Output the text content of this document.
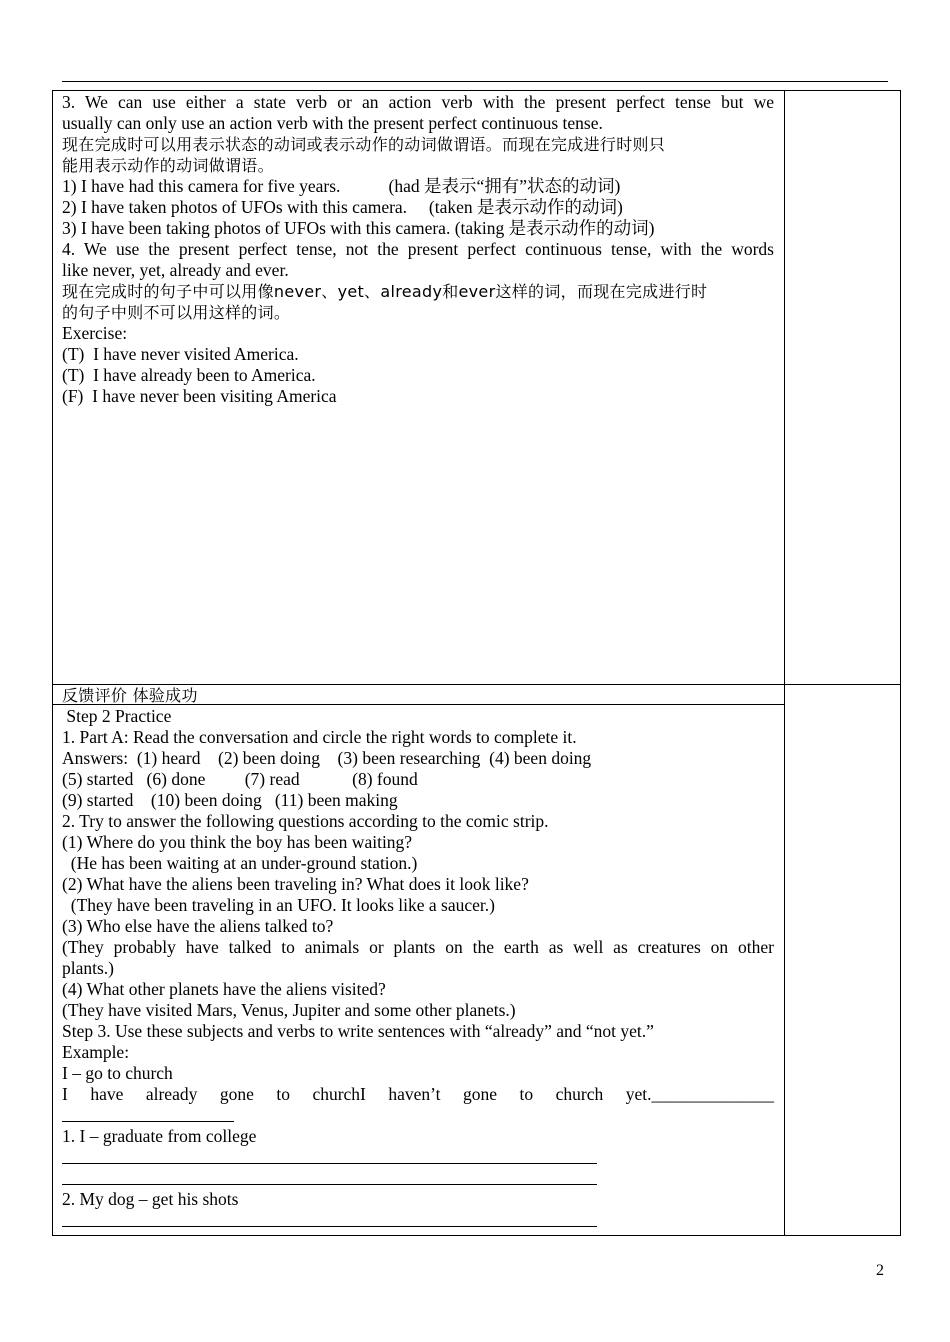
3. We can use either a state verb or an action verb with the present perfect tense but we
usually can only use an action verb with the present perfect continuous tense.
现在完成时可以用表示状态的动词或表示动作的动词做谓语。而现在完成进行时则只
能用表示动作的动词做谓语。
1) I have had this camera for five years.           (had 是表示“拥有”状态的动词)
2) I have taken photos of UFOs with this camera.     (taken 是表示动作的动词)
3) I have been taking photos of UFOs with this camera. (taking 是表示动作的动词)
4. We use the present perfect tense, not the present perfect continuous tense, with the words
like never, yet, already and ever.
现在完成时的句子中可以用像never、yet、already和ever这样的词，而现在完成进行时
的句子中则不可以用这样的词。
Exercise:
(T)  I have never visited America.
(T)  I have already been to America.
(F)  I have never been visiting America
反馈评价 体验成功
Step 2 Practice
1. Part A: Read the conversation and circle the right words to complete it.
Answers:  (1) heard    (2) been doing    (3) been researching  (4) been doing
(5) started   (6) done         (7) read            (8) found
(9) started    (10) been doing   (11) been making
2. Try to answer the following questions according to the comic strip.
(1) Where do you think the boy has been waiting?
(He has been waiting at an under-ground station.)
(2) What have the aliens been traveling in? What does it look like?
(They have been traveling in an UFO. It looks like a saucer.)
(3) Who else have the aliens talked to?
(They probably have talked to animals or plants on the earth as well as creatures on other
plants.)
(4) What other planets have the aliens visited?
(They have visited Mars, Venus, Jupiter and some other planets.)
Step 3. Use these subjects and verbs to write sentences with “already” and “not yet.”
Example:
I – go to church
I have already gone to churchI haven’t gone to church yet.______________
1. I – graduate from college
2. My dog – get his shots
2
